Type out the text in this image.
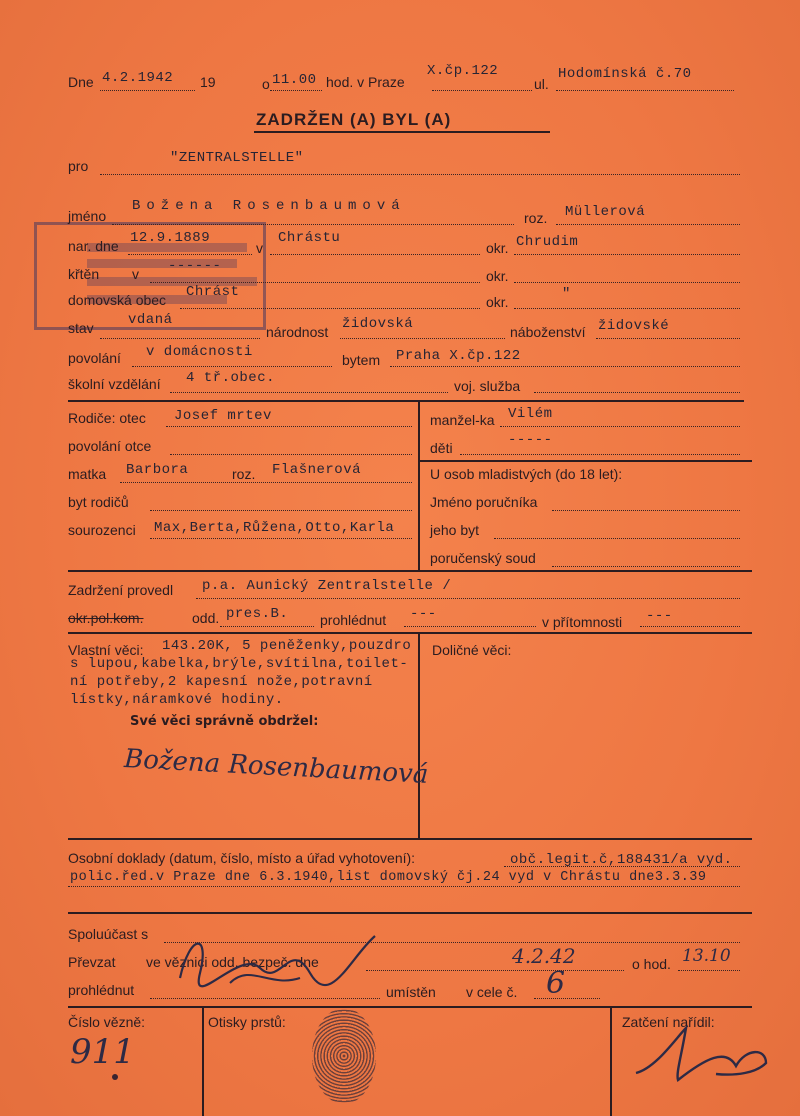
Dne 4.2.1942 19	o 11.00 hod. v Praze
X.čp.122
ul.
Hodomínská č.70
ZADRŽEN (A) BYL (A)
pro	"ZENTRALSTELLE"
jméno
Božena Rosenbaumová
roz. Müllerová
nar. dne 12.9.1889
v
Chrástu
okr. Chrudim
křtěn v ------
okr.
domovská obec Chrást
okr.	"
stav vdaná
národnost židovská	náboženství židovské
povolání v domácnosti	bytem Praha X.čp.122
školní vzdělání 4 tř.obec.	voj. služba
Rodiče: otec Josef mrtev	manžel-ka Vilém
povolání otce	děti	-----
matka Barbora	roz. Flašnerová	U osob mladistvých (do 18 let):
byt rodičů	Jméno poručníka
sourozenci Max,Berta,Růžena,Otto,Karla	jeho byt
poručenský soud
Zadržení provedl p.a. Aunický Zentralstelle /
okr.pol.kom.	odd. pres.B. prohlédnut ---	v přítomnosti ---
Vlastní věci: 143.20K, 5 peněženky,pouzdro
s lupou,kabelka,brýle,svítilna,toilet-
ní potřeby,2 kapesní nože,potravní
lístky,náramkové hodiny.
Své věci správně obdržel:
Božena Rosenbaumová
Doličné věci:
Osobní doklady (datum, číslo, místo a úřad vyhotovení):	obč.legit.č,188431/a vyd.
polic.řed.v Praze dne 6.3.1940,list domovský čj.24 vyd v Chrástu dne3.3.39
Spoluúčast s
Převzat ve věznici odd. bezpeč. dne	4.2.42	o hod. 13.10
prohlédnut	umístěn v cele č. 6
Číslo vězně:
911
Otisky prstů:	Zatčení nařídil:
